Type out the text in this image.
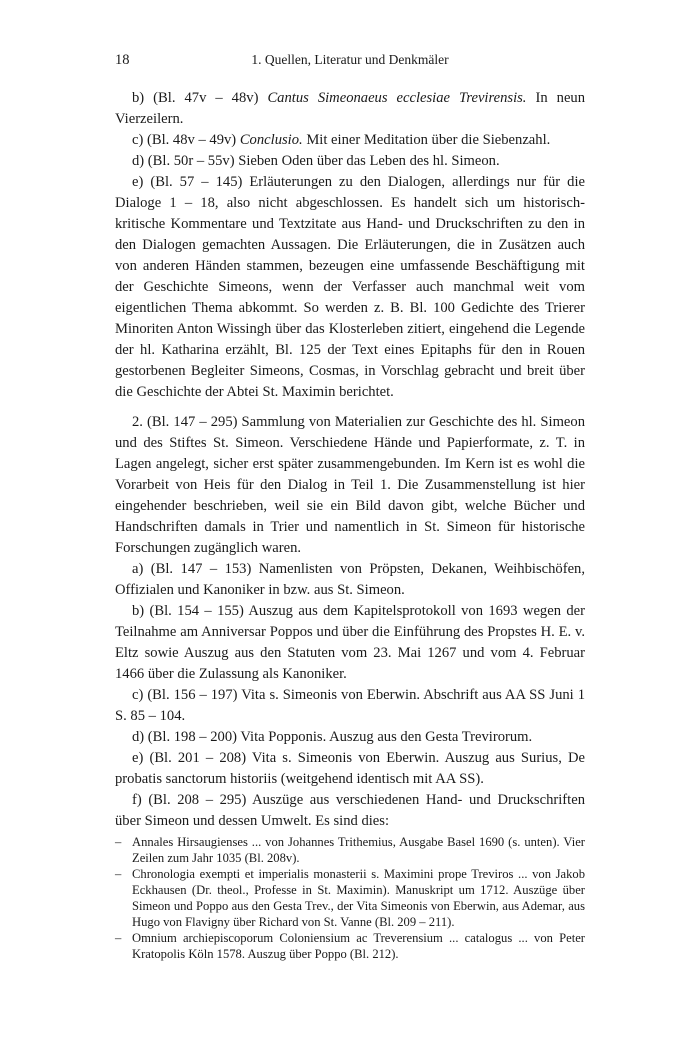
18	1. Quellen, Literatur und Denkmäler

b) (Bl. 47v – 48v) Cantus Simeonaeus ecclesiae Trevirensis. In neun Vierzeilern.

c) (Bl. 48v – 49v) Conclusio. Mit einer Meditation über die Siebenzahl.

d) (Bl. 50r – 55v) Sieben Oden über das Leben des hl. Simeon.

e) (Bl. 57 – 145) Erläuterungen zu den Dialogen, allerdings nur für die Dialoge 1 – 18, also nicht abgeschlossen. Es handelt sich um historisch-kritische Kommentare und Textzitate aus Hand- und Druckschriften zu den in den Dialogen gemachten Aussagen. Die Erläuterungen, die in Zusätzen auch von anderen Händen stammen, bezeugen eine umfassende Beschäftigung mit der Geschichte Simeons, wenn der Verfasser auch manchmal weit vom eigentlichen Thema abkommt. So werden z. B. Bl. 100 Gedichte des Trierer Minoriten Anton Wissingh über das Klosterleben zitiert, eingehend die Legende der hl. Katharina erzählt, Bl. 125 der Text eines Epitaphs für den in Rouen gestorbenen Begleiter Simeons, Cosmas, in Vorschlag gebracht und breit über die Geschichte der Abtei St. Maximin berichtet.

2. (Bl. 147 – 295) Sammlung von Materialien zur Geschichte des hl. Simeon und des Stiftes St. Simeon. Verschiedene Hände und Papierformate, z. T. in Lagen angelegt, sicher erst später zusammengebunden. Im Kern ist es wohl die Vorarbeit von Heis für den Dialog in Teil 1. Die Zusammenstellung ist hier eingehender beschrieben, weil sie ein Bild davon gibt, welche Bücher und Handschriften damals in Trier und namentlich in St. Simeon für historische Forschungen zugänglich waren.

a) (Bl. 147 – 153) Namenlisten von Pröpsten, Dekanen, Weihbischöfen, Offizialen und Kanoniker in bzw. aus St. Simeon.

b) (Bl. 154 – 155) Auszug aus dem Kapitelsprotokoll von 1693 wegen der Teilnahme am Anniversar Poppos und über die Einführung des Propstes H. E. v. Eltz sowie Auszug aus den Statuten vom 23. Mai 1267 und vom 4. Februar 1466 über die Zulassung als Kanoniker.

c) (Bl. 156 – 197) Vita s. Simeonis von Eberwin. Abschrift aus AA SS Juni 1 S. 85 – 104.

d) (Bl. 198 – 200) Vita Popponis. Auszug aus den Gesta Trevirorum.

e) (Bl. 201 – 208) Vita s. Simeonis von Eberwin. Auszug aus Surius, De probatis sanctorum historiis (weitgehend identisch mit AA SS).

f) (Bl. 208 – 295) Auszüge aus verschiedenen Hand- und Druckschriften über Simeon und dessen Umwelt. Es sind dies:

– Annales Hirsaugienses ... von Johannes Trithemius, Ausgabe Basel 1690 (s. unten). Vier Zeilen zum Jahr 1035 (Bl. 208v).
– Chronologia exempti et imperialis monasterii s. Maximini prope Treviros ... von Jakob Eckhausen (Dr. theol., Professe in St. Maximin). Manuskript um 1712. Auszüge über Simeon und Poppo aus den Gesta Trev., der Vita Simeonis von Eberwin, aus Ademar, aus Hugo von Flavigny über Richard von St. Vanne (Bl. 209 – 211).
– Omnium archiepiscoporum Coloniensium ac Treverensium ... catalogus ... von Peter Kratopolis Köln 1578. Auszug über Poppo (Bl. 212).
